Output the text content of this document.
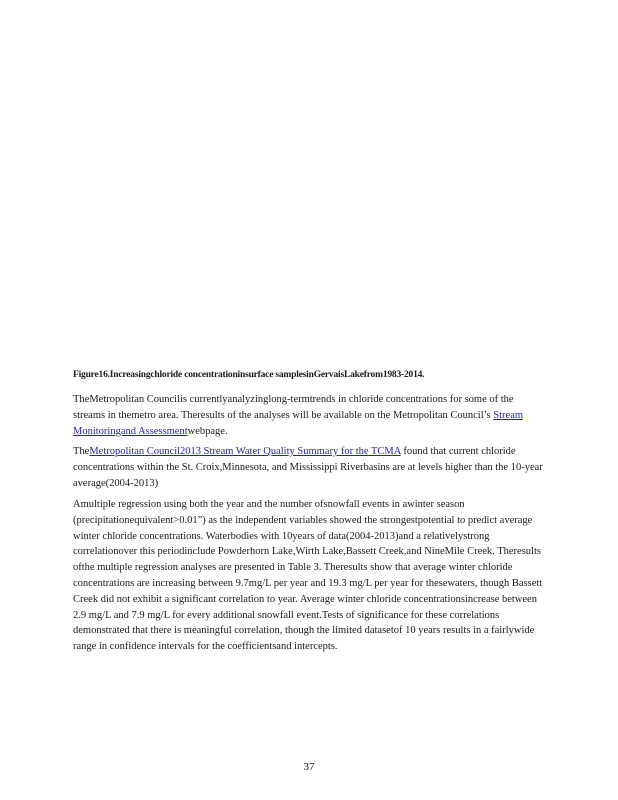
Figure16.Increasingchloride concentrationinsurface samplesinGervaisLakefrom1983-2014.

TheMetropolitan Councilis currentlyanalyzinglong-termtrends in chloride concentrations for some of the streams in themetro area. Theresults of the analyses will be available on the Metropolitan Council’s Stream Monitoringand Assessmentwebpage.

TheMetropolitan Council2013 Stream Water Quality Summary for the TCMA found that current chloride concentrations within the St. Croix,Minnesota, and Mississippi Riverbasins are at levels higher than the 10-year average(2004-2013)

Amultiple regression using both the year and the number ofsnowfall events in awinter season (precipitationequivalent>0.01”) as the independent variables showed the strongestpotential to predict average winter chloride concentrations. Waterbodies with 10years of data(2004-2013)and a relativelystrong correlationover this periodinclude Powderhorn Lake,Wirth Lake,Bassett Creek,and NineMile Creek. Theresults ofthe multiple regression analyses are presented in Table 3. Theresults show that average winter chloride concentrations are increasing between 9.7mg/L per year and 19.3 mg/L per year for thesewaters, though Bassett Creek did not exhibit a significant correlation to year. Average winter chloride concentrationsincrease between 2.9 mg/L and 7.9 mg/L for every additional snowfall event.Tests of significance for these correlations demonstrated that there is meaningful correlation, though the limited datasetof 10 years results in a fairlywide range in confidence intervals for the coefficientsand intercepts.

37
